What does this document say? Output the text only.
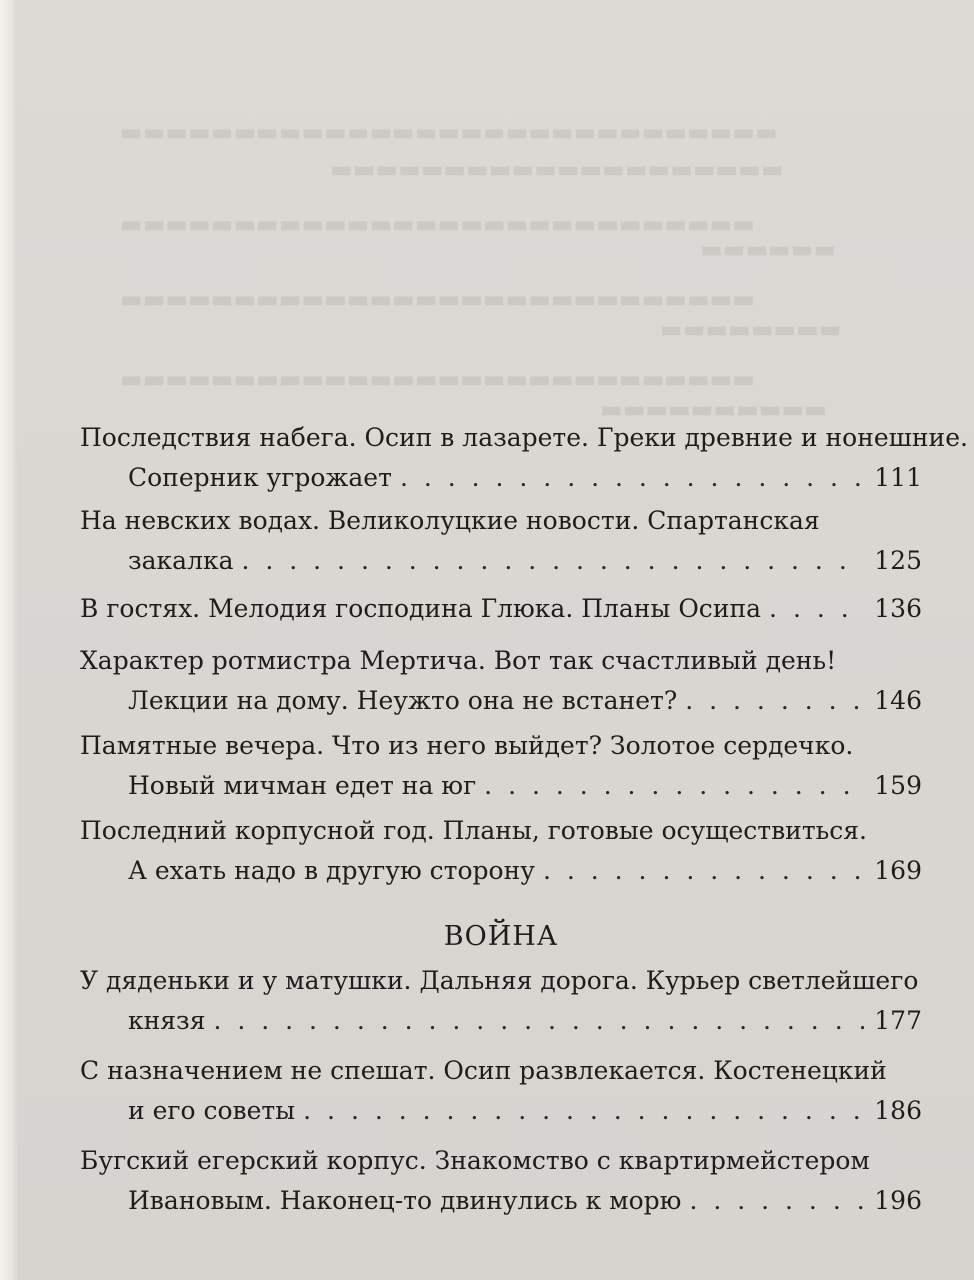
▬▬▬▬▬▬▬▬▬▬▬▬▬▬▬▬▬▬▬▬▬▬▬▬▬▬▬▬▬
▬▬▬▬▬▬▬▬▬▬▬▬▬▬▬▬▬▬▬▬
▬▬▬▬▬▬▬▬▬▬▬▬▬▬▬▬▬▬▬▬▬▬▬▬▬▬▬▬
▬▬▬▬▬▬
▬▬▬▬▬▬▬▬▬▬▬▬▬▬▬▬▬▬▬▬▬▬▬▬▬▬▬▬
▬▬▬▬▬▬▬▬
▬▬▬▬▬▬▬▬▬▬▬▬▬▬▬▬▬▬▬▬▬▬▬▬▬▬▬▬
▬▬▬▬▬▬▬▬▬▬
Последствия набега. Осип в лазарете. Греки древние и нонешние.
Соперник угрожает . . .	111
На невских водах. Великолуцкие новости. Спартанская
закалка . . .	125
В гостях. Мелодия господина Глюка. Планы Осипа . . .	136
Характер ротмистра Мертича. Вот так счастливый день!
Лекции на дому. Неужто она не встанет? . . .	146
Памятные вечера. Что из него выйдет? Золотое сердечко.
Новый мичман едет на юг . . .	159
Последний корпусной год. Планы, готовые осуществиться.
А ехать надо в другую сторону . . .	169
ВОЙНА
У дяденьки и у матушки. Дальняя дорога. Курьер светлейшего
князя . . .	177
С назначением не спешат. Осип развлекается. Костенецкий
и его советы . . .	186
Бугский егерский корпус. Знакомство с квартирмейстером
Ивановым. Наконец-то двинулись к морю . . .	196
